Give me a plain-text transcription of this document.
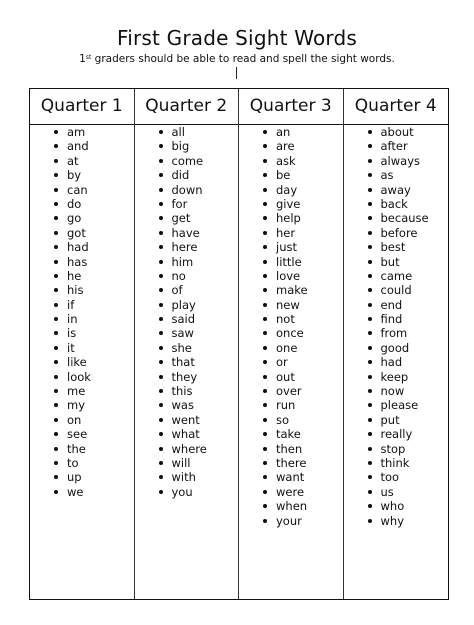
First Grade Sight Words
1st graders should be able to read and spell the sight words.
Quarter 1
am
and
at
by
can
do
go
got
had
has
he
his
if
in
is
it
like
look
me
my
on
see
the
to
up
we
Quarter 2
all
big
come
did
down
for
get
have
here
him
no
of
play
said
saw
she
that
they
this
was
went
what
where
will
with
you
Quarter 3
an
are
ask
be
day
give
help
her
just
little
love
make
new
not
once
one
or
out
over
run
so
take
then
there
want
were
when
your
Quarter 4
about
after
always
as
away
back
because
before
best
but
came
could
end
find
from
good
had
keep
now
please
put
really
stop
think
too
us
who
why
